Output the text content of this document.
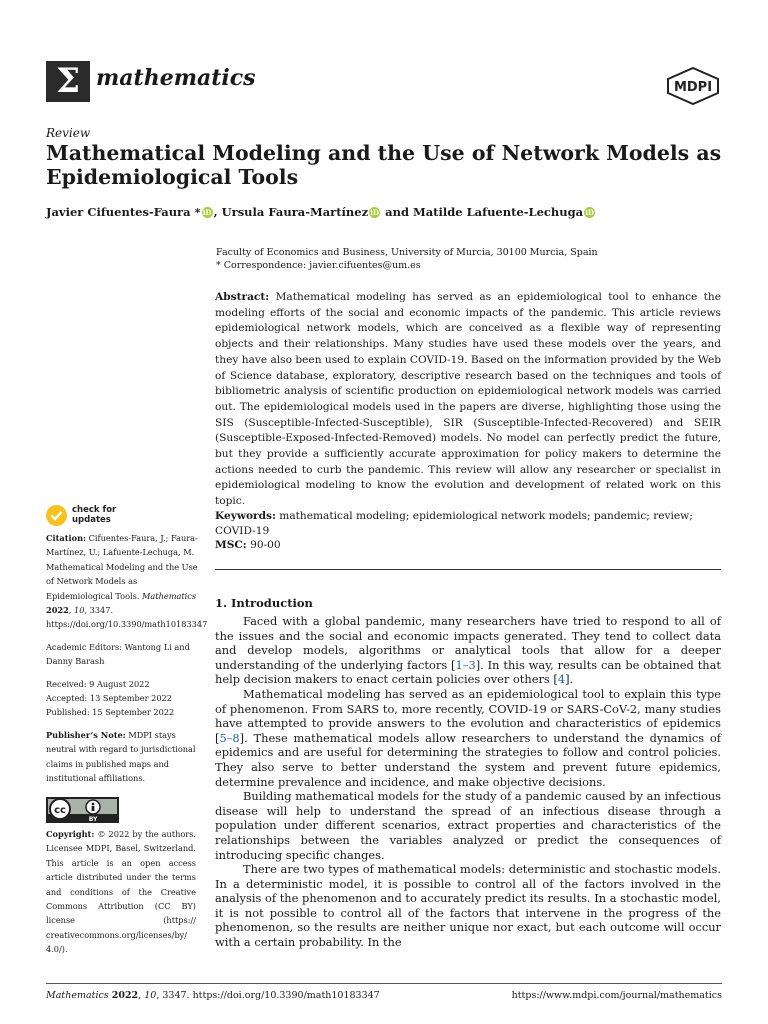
Σ mathematics	MDPI
Review
Mathematical Modeling and the Use of Network Models as Epidemiological Tools
Javier Cifuentes-Faura * iD , Ursula Faura-Martínez iD and Matilde Lafuente-Lechuga iD
Faculty of Economics and Business, University of Murcia, 30100 Murcia, Spain
* Correspondence: javier.cifuentes@um.es
Abstract: Mathematical modeling has served as an epidemiological tool to enhance the modeling efforts of the social and economic impacts of the pandemic. This article reviews epidemiological network models, which are conceived as a flexible way of representing objects and their relationships. Many studies have used these models over the years, and they have also been used to explain COVID-19. Based on the information provided by the Web of Science database, exploratory, descriptive research based on the techniques and tools of bibliometric analysis of scientific production on epidemiological network models was carried out. The epidemiological models used in the papers are diverse, highlighting those using the SIS (Susceptible-Infected-Susceptible), SIR (Susceptible-Infected-Recovered) and SEIR (Susceptible-Exposed-Infected-Removed) models. No model can perfectly predict the future, but they provide a sufficiently accurate approximation for policy makers to determine the actions needed to curb the pandemic. This review will allow any researcher or specialist in epidemiological modeling to know the evolution and development of related work on this topic.
Keywords: mathematical modeling; epidemiological network models; pandemic; review; COVID-19
MSC: 90-00
1. Introduction

Faced with a global pandemic, many researchers have tried to respond to all of the issues and the social and economic impacts generated. They tend to collect data and develop models, algorithms or analytical tools that allow for a deeper understanding of the underlying factors [1–3]. In this way, results can be obtained that help decision makers to enact certain policies over others [4].

Mathematical modeling has served as an epidemiological tool to explain this type of phenomenon. From SARS to, more recently, COVID-19 or SARS-CoV-2, many studies have attempted to provide answers to the evolution and characteristics of epidemics [5–8]. These mathematical models allow researchers to understand the dynamics of epidemics and are useful for determining the strategies to follow and control policies. They also serve to better understand the system and prevent future epidemics, determine prevalence and incidence, and make objective decisions.

Building mathematical models for the study of a pandemic caused by an infectious disease will help to understand the spread of an infectious disease through a population under different scenarios, extract properties and characteristics of the relationships between the variables analyzed or predict the consequences of introducing specific changes.

There are two types of mathematical models: deterministic and stochastic models. In a deterministic model, it is possible to control all of the factors involved in the analysis of the phenomenon and to accurately predict its results. In a stochastic model, it is not possible to control all of the factors that intervene in the progress of the phenomenon, so the results are neither unique nor exact, but each outcome will occur with a certain probability. In the

check for
updates

Citation: Cifuentes-Faura, J.; Faura-Martínez, U.; Lafuente-Lechuga, M. Mathematical Modeling and the Use of Network Models as Epidemiological Tools. Mathematics 2022, 10, 3347. https://doi.org/10.3390/math10183347

Academic Editors: Wantong Li and Danny Barash

Received: 9 August 2022

Accepted: 13 September 2022

Published: 15 September 2022

Publisher’s Note: MDPI stays neutral with regard to jurisdictional claims in published maps and institutional affiliations.

cc
BY
Copyright: © 2022 by the authors. Licensee MDPI, Basel, Switzerland. This article is an open access article distributed under the terms and conditions of the Creative Commons Attribution (CC BY) license (https:// creativecommons.org/licenses/by/ 4.0/).
Mathematics 2022, 10, 3347. https://doi.org/10.3390/math10183347	https://www.mdpi.com/journal/mathematics
